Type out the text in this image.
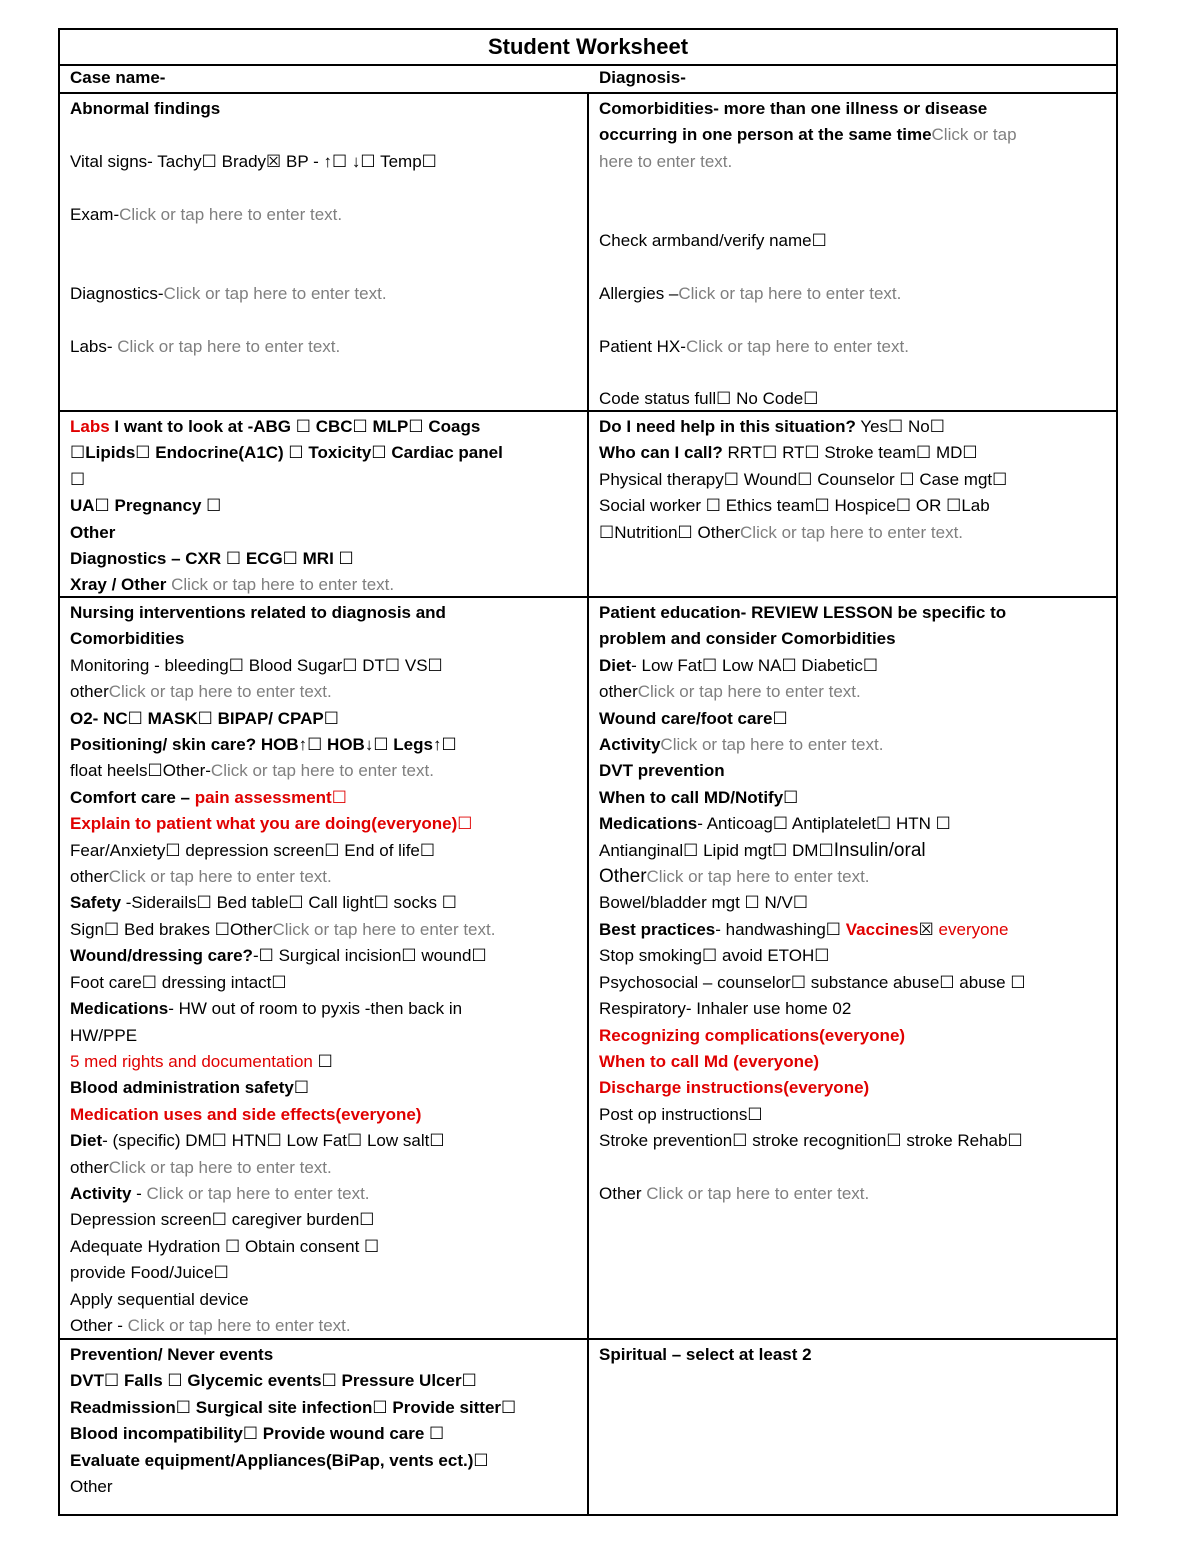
Student Worksheet
Case name-	Diagnosis-
Abnormal findings
Vital signs- Tachy☐ Brady☒ BP - ↑☐ ↓☐ Temp☐
Exam-Click or tap here to enter text.
Diagnostics-Click or tap here to enter text.
Labs- Click or tap here to enter text.
Comorbidities- more than one illness or disease
occurring in one person at the same timeClick or tap
here to enter text.
Check armband/verify name☐
Allergies –Click or tap here to enter text.
Patient HX-Click or tap here to enter text.
Code status full☐ No Code☐
Labs I want to look at -ABG ☐ CBC☐ MLP☐ Coags
☐Lipids☐ Endocrine(A1C) ☐ Toxicity☐ Cardiac panel
☐
UA☐ Pregnancy ☐
Other
Diagnostics – CXR ☐ ECG☐ MRI ☐
Xray / Other Click or tap here to enter text.
Do I need help in this situation? Yes☐ No☐
Who can I call? RRT☐ RT☐ Stroke team☐ MD☐
Physical therapy☐ Wound☐ Counselor ☐ Case mgt☐
Social worker ☐ Ethics team☐ Hospice☐ OR ☐Lab
☐Nutrition☐ OtherClick or tap here to enter text.
Nursing interventions related to diagnosis and
Comorbidities
Monitoring - bleeding☐ Blood Sugar☐ DT☐ VS☐
otherClick or tap here to enter text.
O2- NC☐ MASK☐ BIPAP/ CPAP☐
Positioning/ skin care? HOB↑☐ HOB↓☐ Legs↑☐
float heels☐Other-Click or tap here to enter text.
Comfort care – pain assessment☐
Explain to patient what you are doing(everyone)☐
Fear/Anxiety☐ depression screen☐ End of life☐
otherClick or tap here to enter text.
Safety -Siderails☐ Bed table☐ Call light☐ socks ☐
Sign☐ Bed brakes ☐OtherClick or tap here to enter text.
Wound/dressing care?-☐ Surgical incision☐ wound☐
Foot care☐ dressing intact☐
Medications- HW out of room to pyxis -then back in
HW/PPE
5 med rights and documentation ☐
Blood administration safety☐
Medication uses and side effects(everyone)
Diet- (specific) DM☐ HTN☐ Low Fat☐ Low salt☐
otherClick or tap here to enter text.
Activity - Click or tap here to enter text.
Depression screen☐ caregiver burden☐
Adequate Hydration ☐ Obtain consent ☐
provide Food/Juice☐
Apply sequential device
Other - Click or tap here to enter text.
Patient education- REVIEW LESSON be specific to
problem and consider Comorbidities
Diet- Low Fat☐ Low NA☐ Diabetic☐
otherClick or tap here to enter text.
Wound care/foot care☐
ActivityClick or tap here to enter text.
DVT prevention
When to call MD/Notify☐
Medications- Anticoag☐ Antiplatelet☐ HTN ☐
Antianginal☐ Lipid mgt☐ DM☐Insulin/oral
OtherClick or tap here to enter text.
Bowel/bladder mgt ☐ N/V☐
Best practices- handwashing☐ Vaccines☒ everyone
Stop smoking☐ avoid ETOH☐
Psychosocial – counselor☐ substance abuse☐ abuse ☐
Respiratory- Inhaler use home 02
Recognizing complications(everyone)
When to call Md (everyone)
Discharge instructions(everyone)
Post op instructions☐
Stroke prevention☐ stroke recognition☐ stroke Rehab☐
Other Click or tap here to enter text.
Prevention/ Never events
DVT☐ Falls ☐ Glycemic events☐ Pressure Ulcer☐
Readmission☐ Surgical site infection☐ Provide sitter☐
Blood incompatibility☐ Provide wound care ☐
Evaluate equipment/Appliances(BiPap, vents ect.)☐
Other
Spiritual – select at least 2
